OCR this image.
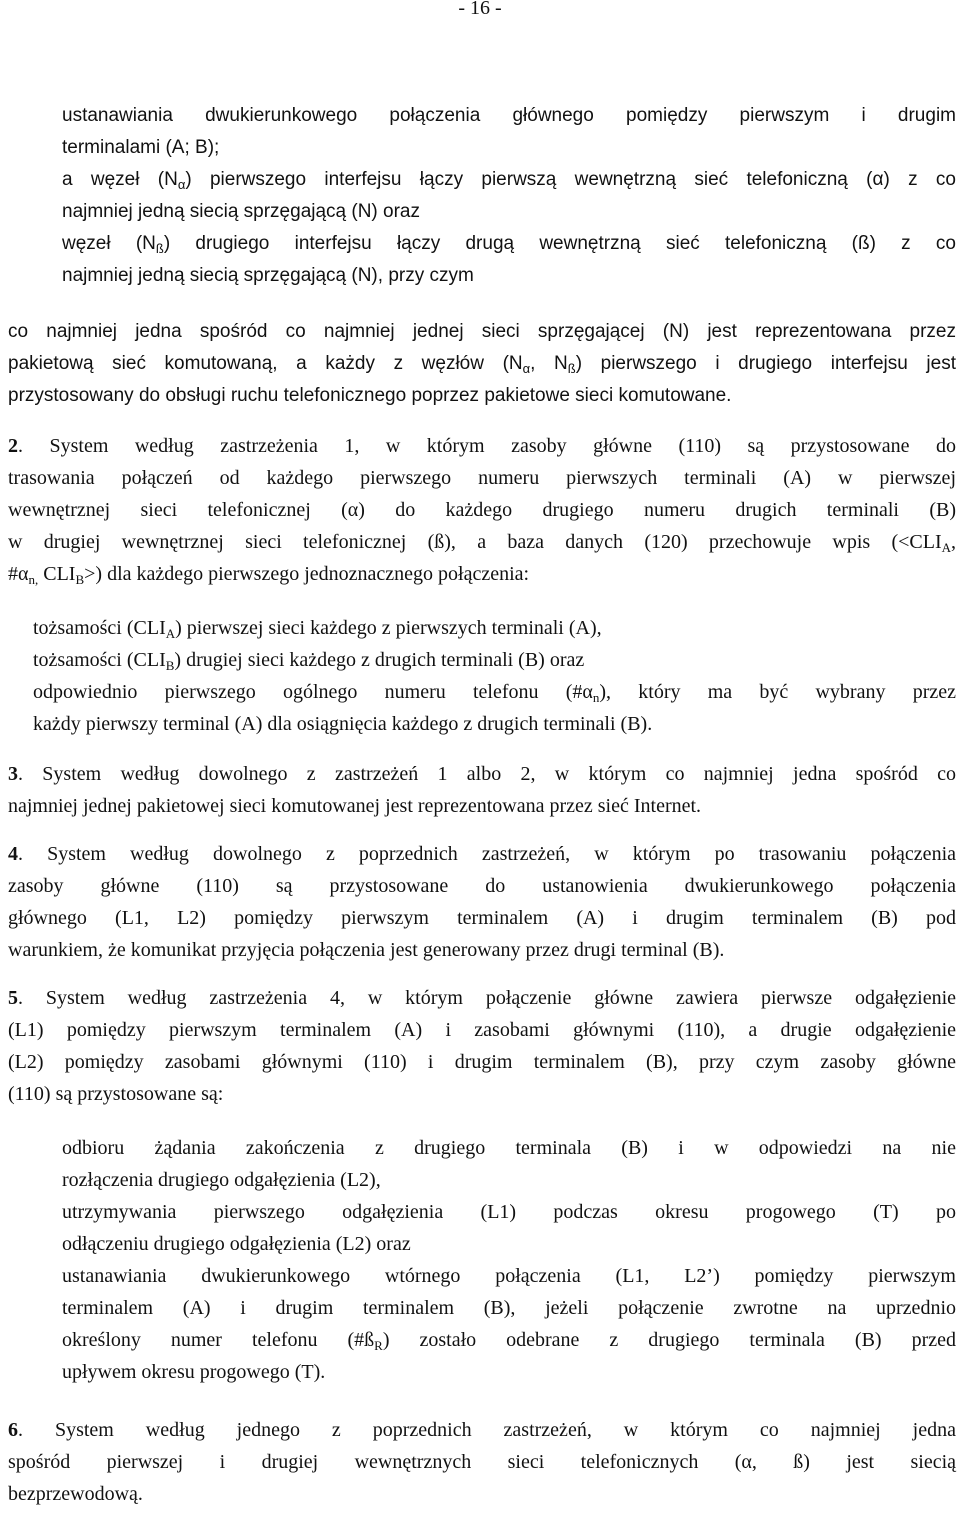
- 16 -
ustanawiania dwukierunkowego połączenia głównego pomiędzy pierwszym i drugim
terminalami (A; B);
a węzeł $(N_\alpha)$ pierwszego interfejsu łączy pierwszą wewnętrzną sieć telefoniczną (α) z co
najmniej jedną siecią sprzęgającą (N) oraz
węzeł $(N_ß)$ drugiego interfejsu łączy drugą wewnętrzną sieć telefoniczną (ß) z co
najmniej jedną siecią sprzęgającą (N), przy czym
co najmniej jedna spośród co najmniej jednej sieci sprzęgającej (N) jest reprezentowana przez
pakietową sieć komutowaną, a każdy z węzłów ($N_\alpha$, $N_ß$) pierwszego i drugiego interfejsu jest
przystosowany do obsługi ruchu telefonicznego poprzez pakietowe sieci komutowane.
2. System według zastrzeżenia 1, w którym zasoby główne (110) są przystosowane do
trasowania połączeń od każdego pierwszego numeru pierwszych terminali (A) w pierwszej
wewnętrznej sieci telefonicznej (α) do każdego drugiego numeru drugich terminali (B)
w drugiej wewnętrznej sieci telefonicznej (ß), a baza danych (120) przechowuje wpis ($<CLI_A$,
$\#\alpha_{n,}$ $CLI_B>$) dla każdego pierwszego jednoznacznego połączenia:
tożsamości $(CLI_A)$ pierwszej sieci każdego z pierwszych terminali (A),
tożsamości $(CLI_B)$ drugiej sieci każdego z drugich terminali (B) oraz
odpowiednio pierwszego ogólnego numeru telefonu $(\#\alpha_n)$, który ma być wybrany przez
każdy pierwszy terminal (A) dla osiągnięcia każdego z drugich terminali (B).
3. System według dowolnego z zastrzeżeń 1 albo 2, w którym co najmniej jedna spośród co
najmniej jednej pakietowej sieci komutowanej jest reprezentowana przez sieć Internet.
4. System według dowolnego z poprzednich zastrzeżeń, w którym po trasowaniu połączenia
zasoby główne (110) są przystosowane do ustanowienia dwukierunkowego połączenia
głównego (L1, L2) pomiędzy pierwszym terminalem (A) i drugim terminalem (B) pod
warunkiem, że komunikat przyjęcia połączenia jest generowany przez drugi terminal (B).
5. System według zastrzeżenia 4, w którym połączenie główne zawiera pierwsze odgałęzienie
(L1) pomiędzy pierwszym terminalem (A) i zasobami głównymi (110), a drugie odgałęzienie
(L2) pomiędzy zasobami głównymi (110) i drugim terminalem (B), przy czym zasoby główne
(110) są przystosowane są:
odbioru żądania zakończenia z drugiego terminala (B) i w odpowiedzi na nie
rozłączenia drugiego odgałęzienia (L2),
utrzymywania pierwszego odgałęzienia (L1) podczas okresu progowego (T) po
odłączeniu drugiego odgałęzienia (L2) oraz
ustanawiania dwukierunkowego wtórnego połączenia (L1, L2’) pomiędzy pierwszym
terminalem (A) i drugim terminalem (B), jeżeli połączenie zwrotne na uprzednio
określony numer telefonu $(\#ß_R)$ zostało odebrane z drugiego terminala (B) przed
upływem okresu progowego (T).
6. System według jednego z poprzednich zastrzeżeń, w którym co najmniej jedna
spośród pierwszej i drugiej wewnętrznych sieci telefonicznych (α, ß) jest siecią
bezprzewodową.
